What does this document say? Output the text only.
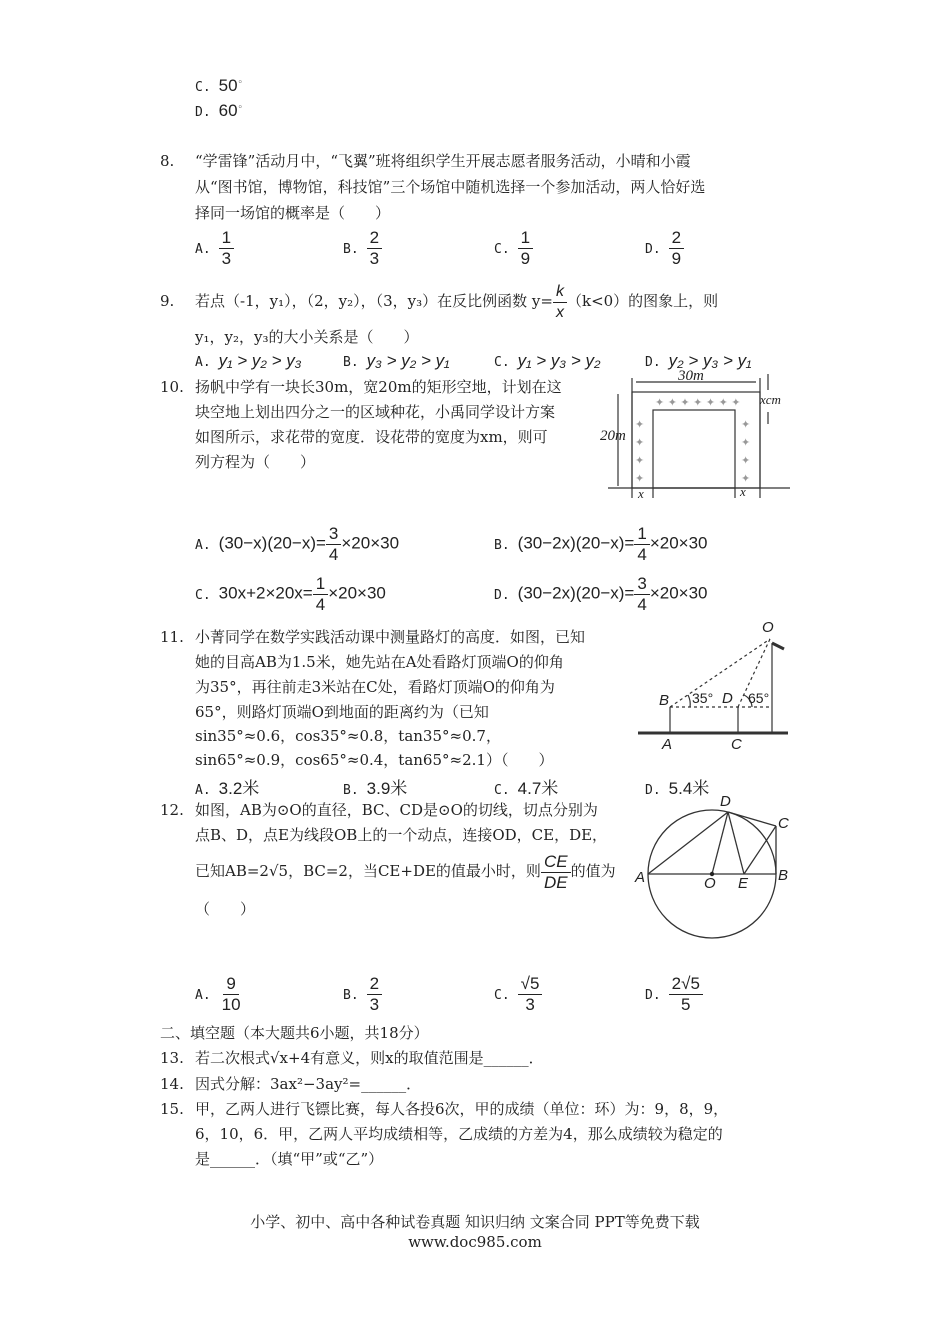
C. 50◦
D. 60◦
8. “学雷锋”活动月中，“飞翼”班将组织学生开展志愿者服务活动，小晴和小霞
从“图书馆，博物馆，科技馆”三个场馆中随机选择一个参加活动，两人恰好选
择同一场馆的概率是（　　）
A. $\frac{1}{3}$	B. $\frac{2}{3}$	C. $\frac{1}{9}$	D. $\frac{2}{9}$
9. 若点（-1，y₁），（2，y₂），（3，y₃）在反比例函数 $y= \frac{k}{x} (k<0)$的图象上，则
y₁，y₂，y₃的大小关系是（　　）
A. y₁ > y₂ > y₃	B. y₃ > y₂ > y₁	C. y₁ > y₃ > y₂	D. y₂ > y₃ > y₁
10. 扬帆中学有一块长30m，宽20m的矩形空地，计划在这
块空地上划出四分之一的区域种花，小禹同学设计方案
如图所示，求花带的宽度．设花带的宽度为xm，则可
列方程为（　　）
✦ ✦ ✦ ✦ ✦ ✦ ✦
✦
✦
✦
✦
✦
✦
✦
✦
30m
20m
xcm
x	x
A. $(30-x)(20-x)= \frac{3}{4} \times 20\times 30$	B. $(30-2x)(20-x)= \frac{1}{4} \times 20\times 30$
C. $30x+2\times 20x= \frac{1}{4} \times 20\times 30$	D. $(30-2x)(20-x)= \frac{3}{4} \times 20\times 30$
11. 小菁同学在数学实践活动课中测量路灯的高度．如图，已知
她的目高AB为1.5米，她先站在A处看路灯顶端O的仰角
为35°，再往前走3米站在C处，看路灯顶端O的仰角为
65°，则路灯顶端O到地面的距离约为（已知
sin35°≈0.6，cos35°≈0.8，tan35°≈0.7，
sin65°≈0.9，cos65°≈0.4，tan65°≈2.1）（　　）
O
B	D
A	C
35° 65°
A. 3.2米	B. 3.9米	C. 4.7米	D. 5.4米
12. 如图，AB为⊙O的直径，BC、CD是⊙O的切线，切点分别为
点B、D，点E为线段OB上的一个动点，连接OD，CE，DE，
已知AB=2√5，BC=2，当CE+DE的值最小时，则 $\frac{CE}{DE}$ 的值为
（　　）
A	B
C
D
O E
A. $\frac{9}{10}$	B. $\frac{2}{3}$	C. $\frac{√5}{3}$	D. $\frac{2√5}{5}$
二、填空题（本大题共6小题，共18分）
13. 若二次根式√x+4有意义，则x的取值范围是______．
14. 因式分解：3ax²−3ay²=______．
15. 甲，乙两人进行飞镖比赛，每人各投6次，甲的成绩（单位：环）为：9，8，9，
6，10，6．甲，乙两人平均成绩相等，乙成绩的方差为4，那么成绩较为稳定的
是______．（填“甲”或“乙”）
小学、初中、高中各种试卷真题 知识归纳 文案合同 PPT等免费下载
www.doc985.com
